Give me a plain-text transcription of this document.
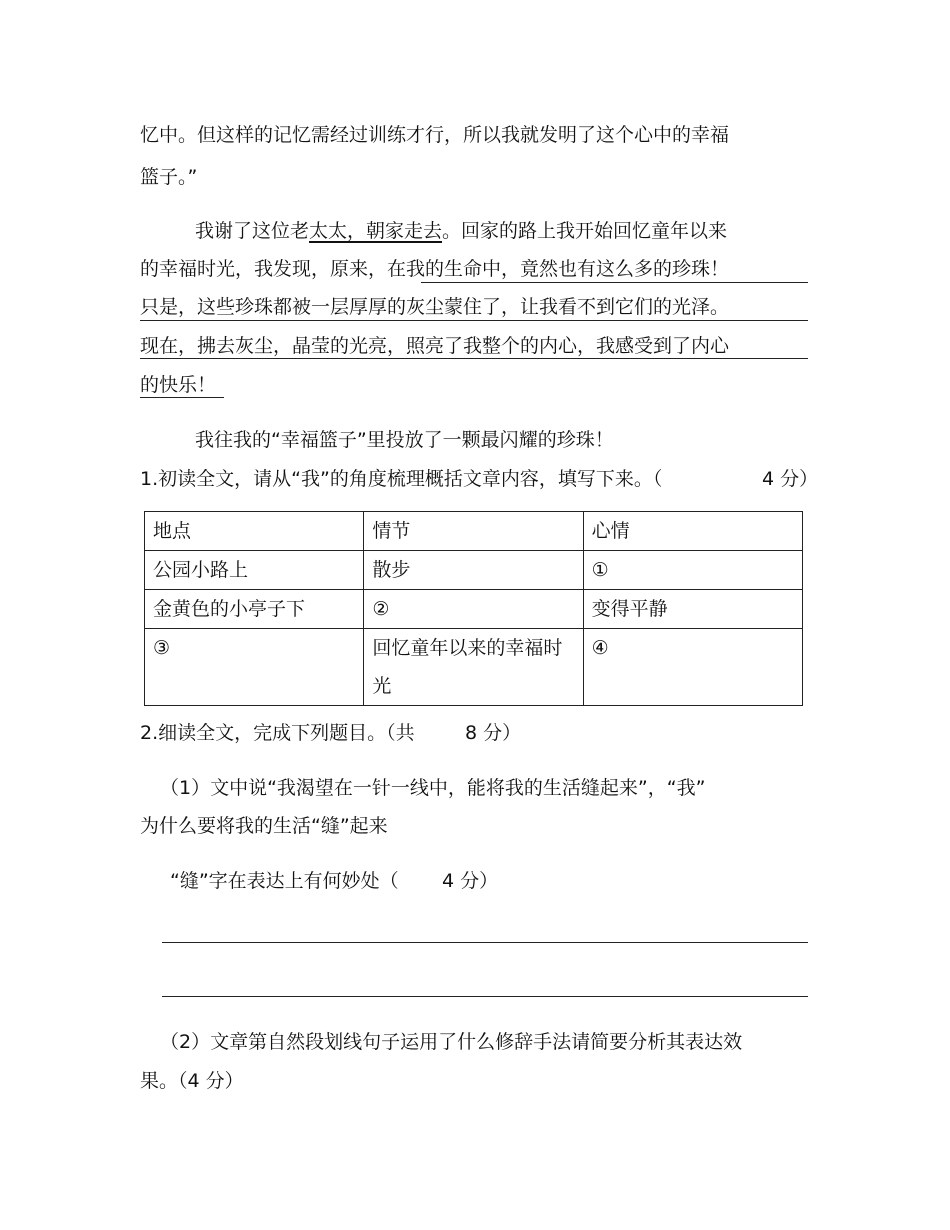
忆中。但这样的记忆需经过训练才行，所以我就发明了这个心中的幸福
篮子。”
我谢了这位老太太，朝家走去。回家的路上我开始回忆童年以来
的幸福时光，我发现，原来，在我的生命中，竟然也有这么多的珍珠！
只是，这些珍珠都被一层厚厚的灰尘蒙住了，让我看不到它们的光泽。
现在，拂去灰尘，晶莹的光亮，照亮了我整个的内心，我感受到了内心
的快乐！
我往我的“幸福篮子”里投放了一颗最闪耀的珍珠！
1.初读全文，请从“我”的角度梳理概括文章内容，填写下来。（	4 分）
地点	情节	心情
公园小路上	散步	①
金黄色的小亭子下	②	变得平静
③	回忆童年以来的幸福时光	④
2.细读全文，完成下列题目。（共	8 分）
（1）文中说“我渴望在一针一线中，能将我的生活缝起来”，“我”
为什么要将我的生活“缝”起来
“缝”字在表达上有何妙处（ 4 分）
（2）文章第自然段划线句子运用了什么修辞手法请简要分析其表达效
果。（4 分）
